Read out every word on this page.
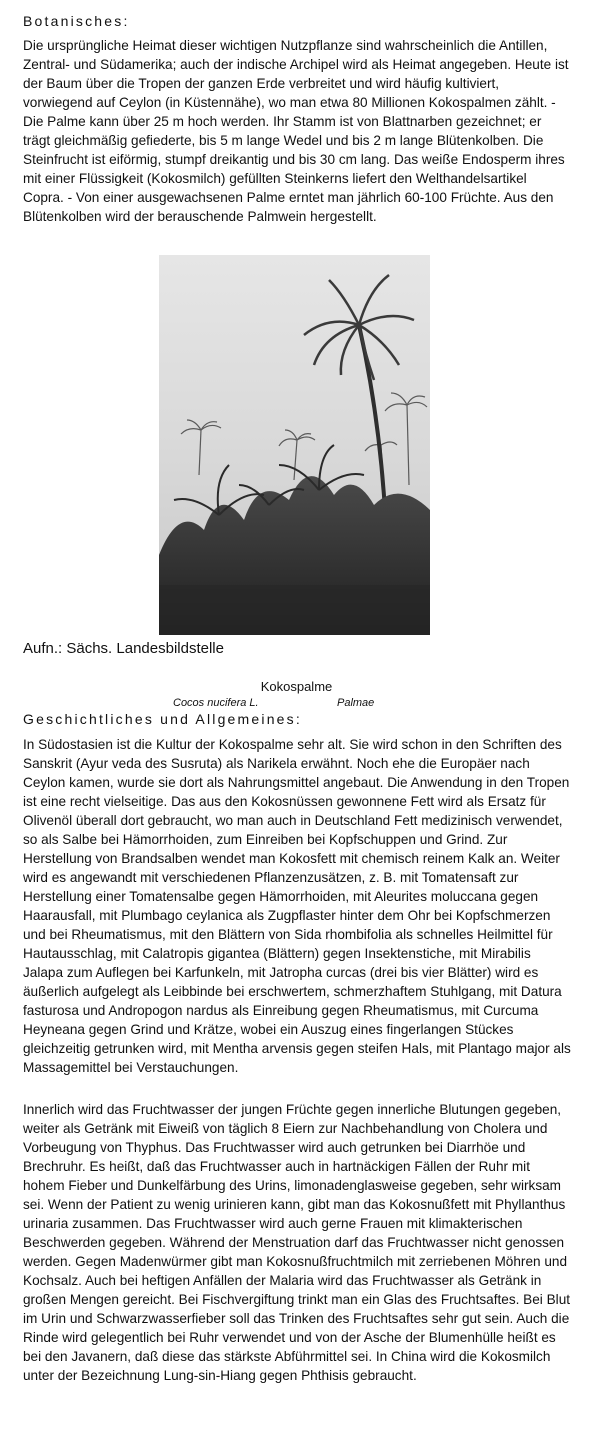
Botanisches:

Die ursprüngliche Heimat dieser wichtigen Nutzpflanze sind wahrscheinlich die Antillen, Zentral- und Südamerika; auch der indische Archipel wird als Heimat angegeben. Heute ist der Baum über die Tropen der ganzen Erde verbreitet und wird häufig kultiviert, vorwiegend auf Ceylon (in Küstennähe), wo man etwa 80 Millionen Kokospalmen zählt. - Die Palme kann über 25 m hoch werden. Ihr Stamm ist von Blattnarben gezeichnet; er trägt gleichmäßig gefiederte, bis 5 m lange Wedel und bis 2 m lange Blütenkolben. Die Steinfrucht ist eiförmig, stumpf dreikantig und bis 30 cm lang. Das weiße Endosperm ihres mit einer Flüssigkeit (Kokosmilch) gefüllten Steinkerns liefert den Welthandelsartikel Copra. - Von einer ausgewachsenen Palme erntet man jährlich 60-100 Früchte. Aus den Blütenkolben wird der berauschende Palmwein hergestellt.

Aufn.: Sächs. Landesbildstelle
Kokospalme
Cocos nucifera L.	Palmae
Geschichtliches und Allgemeines:

In Südostasien ist die Kultur der Kokospalme sehr alt. Sie wird schon in den Schriften des Sanskrit (Ayur veda des Susruta) als Narikela erwähnt. Noch ehe die Europäer nach Ceylon kamen, wurde sie dort als Nahrungsmittel angebaut. Die Anwendung in den Tropen ist eine recht vielseitige. Das aus den Kokosnüssen gewonnene Fett wird als Ersatz für Olivenöl überall dort gebraucht, wo man auch in Deutschland Fett medizinisch verwendet, so als Salbe bei Hämorrhoiden, zum Einreiben bei Kopfschuppen und Grind. Zur Herstellung von Brandsalben wendet man Kokosfett mit chemisch reinem Kalk an. Weiter wird es angewandt mit verschiedenen Pflanzenzusätzen, z. B. mit Tomatensaft zur Herstellung einer Tomatensalbe gegen Hämorrhoiden, mit Aleurites moluccana gegen Haarausfall, mit Plumbago ceylanica als Zugpflaster hinter dem Ohr bei Kopfschmerzen und bei Rheumatismus, mit den Blättern von Sida rhombifolia als schnelles Heilmittel für Hautausschlag, mit Calatropis gigantea (Blättern) gegen Insektenstiche, mit Mirabilis Jalapa zum Auflegen bei Karfunkeln, mit Jatropha curcas (drei bis vier Blätter) wird es äußerlich aufgelegt als Leibbinde bei erschwertem, schmerzhaftem Stuhlgang, mit Datura fasturosa und Andropogon nardus als Einreibung gegen Rheumatismus, mit Curcuma Heyneana gegen Grind und Krätze, wobei ein Auszug eines fingerlangen Stückes gleichzeitig getrunken wird, mit Mentha arvensis gegen steifen Hals, mit Plantago major als Massagemittel bei Verstauchungen.

Innerlich wird das Fruchtwasser der jungen Früchte gegen innerliche Blutungen gegeben, weiter als Getränk mit Eiweiß von täglich 8 Eiern zur Nachbehandlung von Cholera und Vorbeugung von Thyphus. Das Fruchtwasser wird auch getrunken bei Diarrhöe und Brechruhr. Es heißt, daß das Fruchtwasser auch in hartnäckigen Fällen der Ruhr mit hohem Fieber und Dunkelfärbung des Urins, limonadenglasweise gegeben, sehr wirksam sei. Wenn der Patient zu wenig urinieren kann, gibt man das Kokosnußfett mit Phyllanthus urinaria zusammen. Das Fruchtwasser wird auch gerne Frauen mit klimakterischen Beschwerden gegeben. Während der Menstruation darf das Fruchtwasser nicht genossen werden. Gegen Madenwürmer gibt man Kokosnußfruchtmilch mit zerriebenen Möhren und Kochsalz. Auch bei heftigen Anfällen der Malaria wird das Fruchtwasser als Getränk in großen Mengen gereicht. Bei Fischvergiftung trinkt man ein Glas des Fruchtsaftes. Bei Blut im Urin und Schwarzwasserfieber soll das Trinken des Fruchtsaftes sehr gut sein. Auch die Rinde wird gelegentlich bei Ruhr verwendet und von der Asche der Blumenhülle heißt es bei den Javanern, daß diese das stärkste Abführmittel sei. In China wird die Kokosmilch unter der Bezeichnung Lung-sin-Hiang gegen Phthisis gebraucht.
